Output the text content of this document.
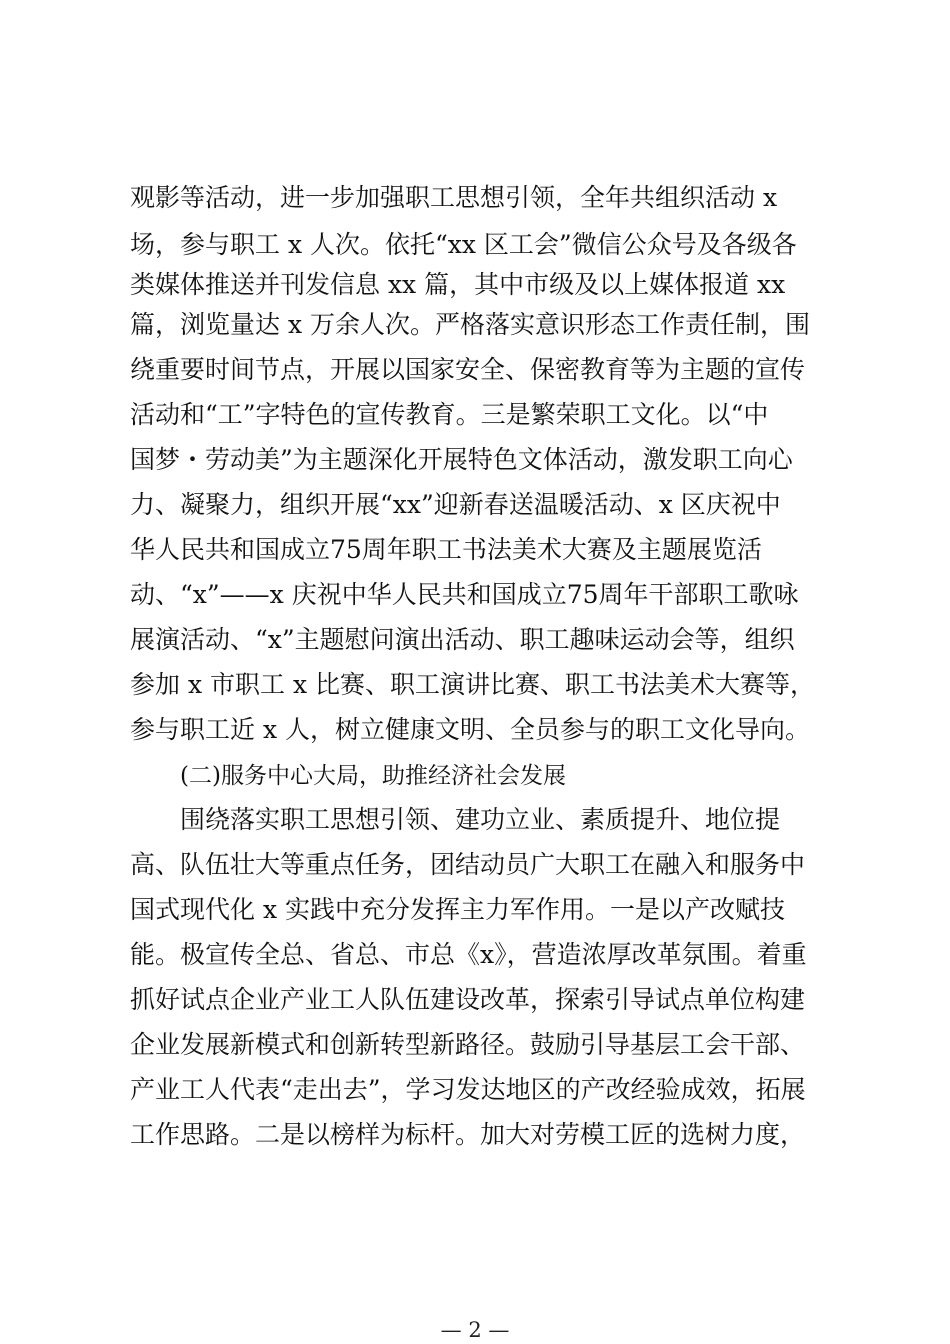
观影等活动，进一步加强职工思想引领，全年共组织活动 x
场，参与职工 x 人次。依托“xx 区工会”微信公众号及各级各
类媒体推送并刊发信息 xx 篇，其中市级及以上媒体报道 xx
篇，浏览量达 x 万余人次。严格落实意识形态工作责任制，围
绕重要时间节点，开展以国家安全、保密教育等为主题的宣传
活动和“工”字特色的宣传教育。三是繁荣职工文化。以“中
国梦・劳动美”为主题深化开展特色文体活动，激发职工向心
力、凝聚力，组织开展“xx”迎新春送温暖活动、x 区庆祝中
华人民共和国成立75周年职工书法美术大赛及主题展览活
动、“x”——x 庆祝中华人民共和国成立75周年干部职工歌咏
展演活动、“x”主题慰问演出活动、职工趣味运动会等，组织
参加 x 市职工 x 比赛、职工演讲比赛、职工书法美术大赛等，
参与职工近 x 人，树立健康文明、全员参与的职工文化导向。
(二)服务中心大局，助推经济社会发展
围绕落实职工思想引领、建功立业、素质提升、地位提
高、队伍壮大等重点任务，团结动员广大职工在融入和服务中
国式现代化 x 实践中充分发挥主力军作用。一是以产改赋技
能。极宣传全总、省总、市总《x》，营造浓厚改革氛围。着重
抓好试点企业产业工人队伍建设改革，探索引导试点单位构建
企业发展新模式和创新转型新路径。鼓励引导基层工会干部、
产业工人代表“走出去”，学习发达地区的产改经验成效，拓展
工作思路。二是以榜样为标杆。加大对劳模工匠的选树力度，
— 2 —
